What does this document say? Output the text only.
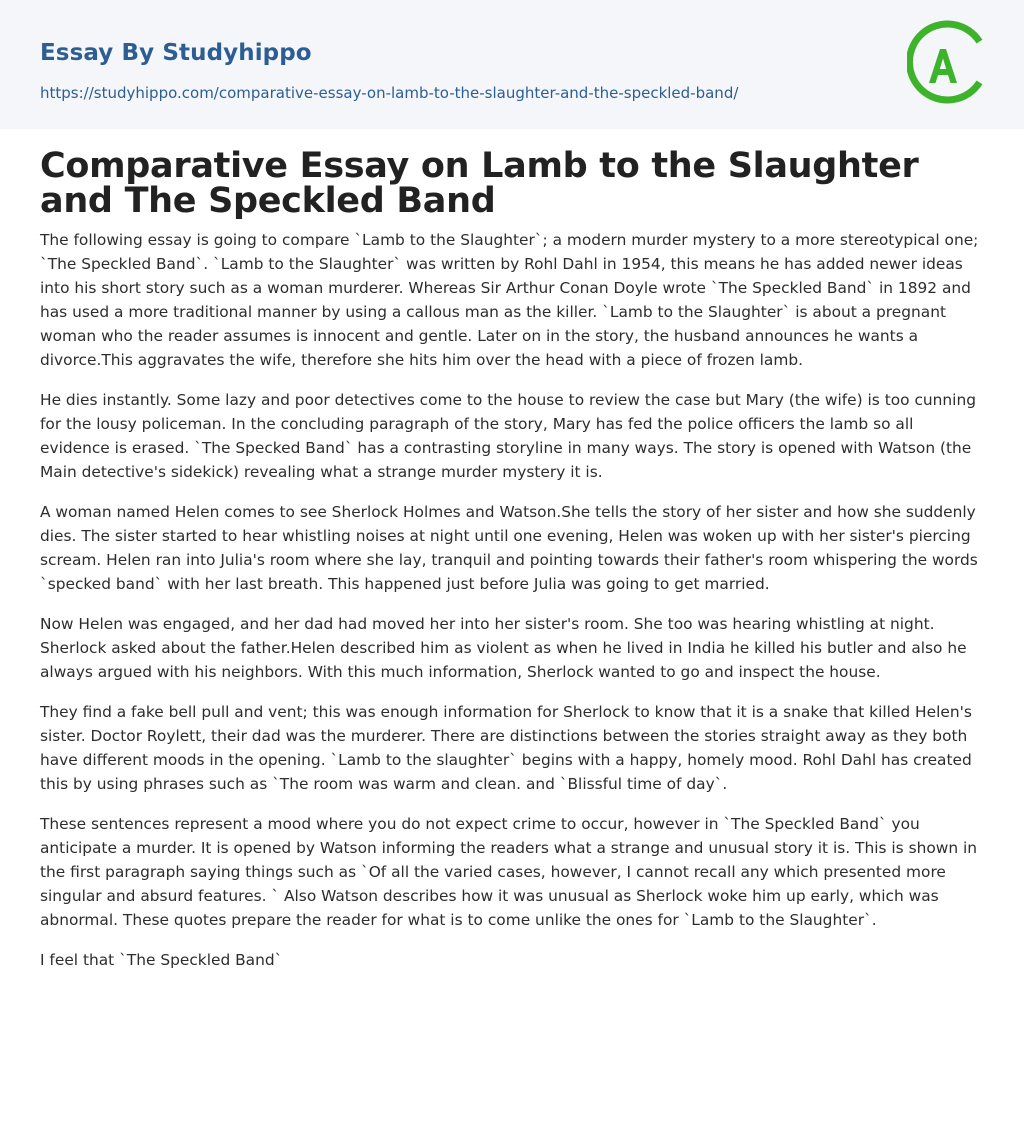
Essay By Studyhippo
https://studyhippo.com/comparative-essay-on-lamb-to-the-slaughter-and-the-speckled-band/
Comparative Essay on Lamb to the Slaughter and The Speckled Band

The following essay is going to compare `Lamb to the Slaughter`; a modern murder mystery to a more stereotypical one; `The Speckled Band`. `Lamb to the Slaughter` was written by Rohl Dahl in 1954, this means he has added newer ideas into his short story such as a woman murderer. Whereas Sir Arthur Conan Doyle wrote `The Speckled Band` in 1892 and has used a more traditional manner by using a callous man as the killer. `Lamb to the Slaughter` is about a pregnant woman who the reader assumes is innocent and gentle. Later on in the story, the husband announces he wants a divorce.This aggravates the wife, therefore she hits him over the head with a piece of frozen lamb.

He dies instantly. Some lazy and poor detectives come to the house to review the case but Mary (the wife) is too cunning for the lousy policeman. In the concluding paragraph of the story, Mary has fed the police officers the lamb so all evidence is erased. `The Specked Band` has a contrasting storyline in many ways. The story is opened with Watson (the Main detective's sidekick) revealing what a strange murder mystery it is.

A woman named Helen comes to see Sherlock Holmes and Watson.She tells the story of her sister and how she suddenly dies. The sister started to hear whistling noises at night until one evening, Helen was woken up with her sister's piercing scream. Helen ran into Julia's room where she lay, tranquil and pointing towards their father's room whispering the words `specked band` with her last breath. This happened just before Julia was going to get married.

Now Helen was engaged, and her dad had moved her into her sister's room. She too was hearing whistling at night. Sherlock asked about the father.Helen described him as violent as when he lived in India he killed his butler and also he always argued with his neighbors. With this much information, Sherlock wanted to go and inspect the house.

They find a fake bell pull and vent; this was enough information for Sherlock to know that it is a snake that killed Helen's sister. Doctor Roylett, their dad was the murderer. There are distinctions between the stories straight away as they both have different moods in the opening. `Lamb to the slaughter` begins with a happy, homely mood. Rohl Dahl has created this by using phrases such as `The room was warm and clean. and `Blissful time of day`.

These sentences represent a mood where you do not expect crime to occur, however in `The Speckled Band` you anticipate a murder. It is opened by Watson informing the readers what a strange and unusual story it is. This is shown in the first paragraph saying things such as `Of all the varied cases, however, I cannot recall any which presented more singular and absurd features. ` Also Watson describes how it was unusual as Sherlock woke him up early, which was abnormal. These quotes prepare the reader for what is to come unlike the ones for `Lamb to the Slaughter`.

I feel that `The Speckled Band`
